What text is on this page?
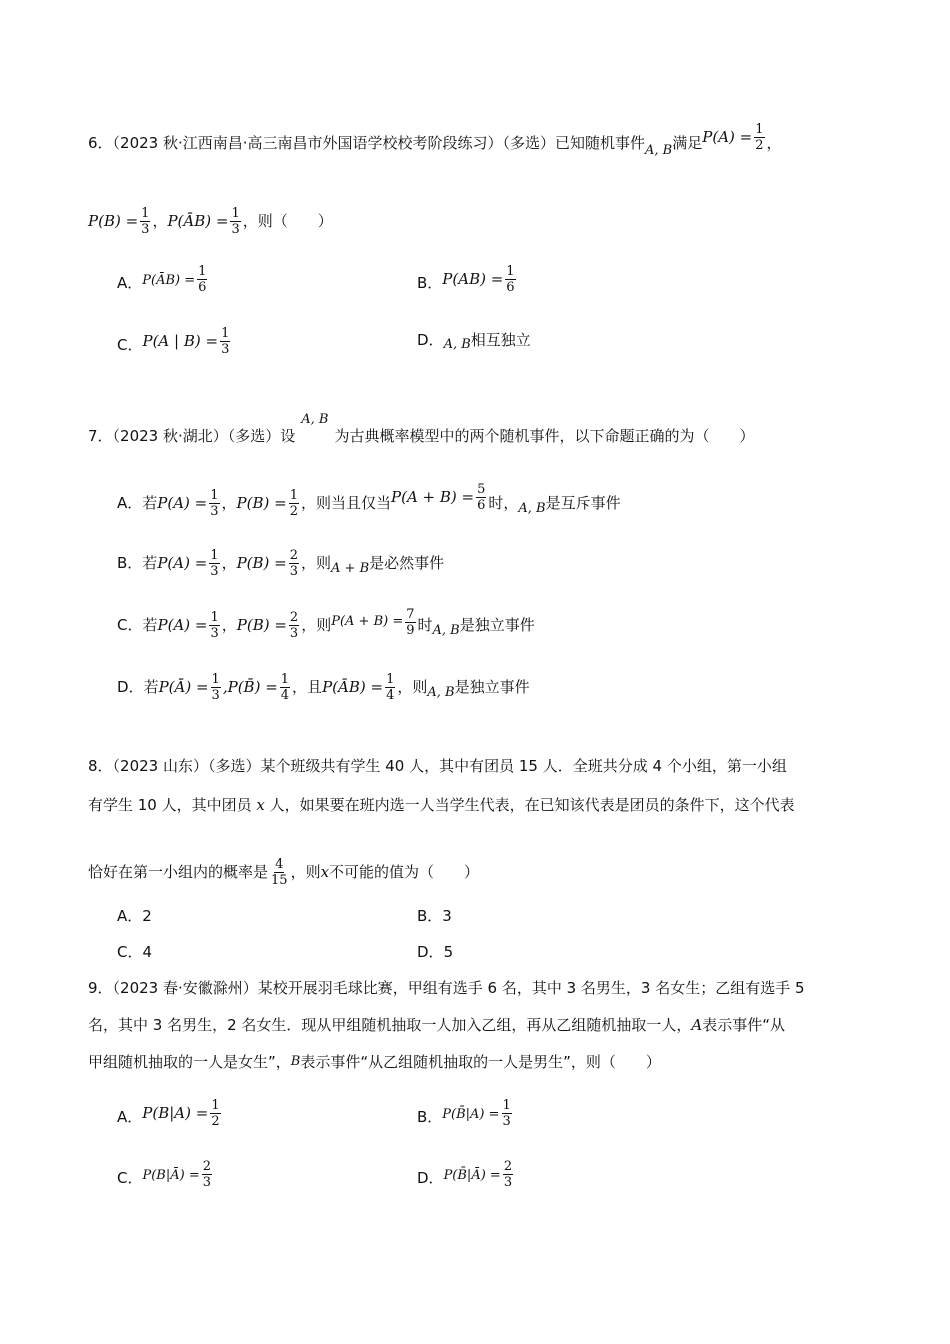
6．（2023 秋·江西南昌·高三南昌市外国语学校校考阶段练习）（多选）已知随机事件A, B满足$P(A) = \frac{1}{2}$ ，
$P(B) = \frac{1}{3}$ ，P(ĀB) = $\frac{1}{3}$ ，则（　　）
A．P(ĀB) = $\frac{1}{6}$	B．$P(AB) = \frac{1}{6}$
C．P(A | $B) = \frac{1}{3}$	D．A, B相互独立
7．（2023 秋·湖北）（多选）设A, B为古典概率模型中的两个随机事件，以下命题正确的为（　　）
A．若$P(A) = \frac{1}{3}$ ，$P(B) = \frac{1}{2}$ ，则当且仅当$P(A + B) = \frac{5}{6}$ 时，A, B是互斥事件
B．若$P(A) = \frac{1}{3}$ ，$P(B) = \frac{2}{3}$ ，则A + B是必然事件
C．若$P(A) = \frac{1}{3}$ ，$P(B) = \frac{2}{3}$ ，则$P(A + B) = \frac{7}{9}$ 时A, B是独立事件
D．若P(Ā) = $\frac{1}{3}$ ,P(B̄) = $\frac{1}{4}$ ，且P(ĀB) = $\frac{1}{4}$ ，则A, B是独立事件
8．（2023 山东）（多选）某个班级共有学生 40 人，其中有团员 15 人．全班共分成 4 个小组，第一小组
有学生 10 人，其中团员 x 人，如果要在班内选一人当学生代表，在已知该代表是团员的条件下，这个代表
恰好在第一小组内的概率是 $\frac{4}{15}$ ，则x不可能的值为（　　）
A．2	B．3
C．4	D．5
9．（2023 春·安徽滁州）某校开展羽毛球比赛，甲组有选手 6 名，其中 3 名男生，3 名女生；乙组有选手 5
名，其中 3 名男生，2 名女生．现从甲组随机抽取一人加入乙组，再从乙组随机抽取一人，A表示事件“从
甲组随机抽取的一人是女生”，B表示事件“从乙组随机抽取的一人是男生”，则（　　）
A．$P(B|A) = \frac{1}{2}$	B．P(B̄|A) = $\frac{1}{3}$
C．P(B|Ā) = $\frac{2}{3}$	D．P(B̄|Ā) = $\frac{2}{3}$
